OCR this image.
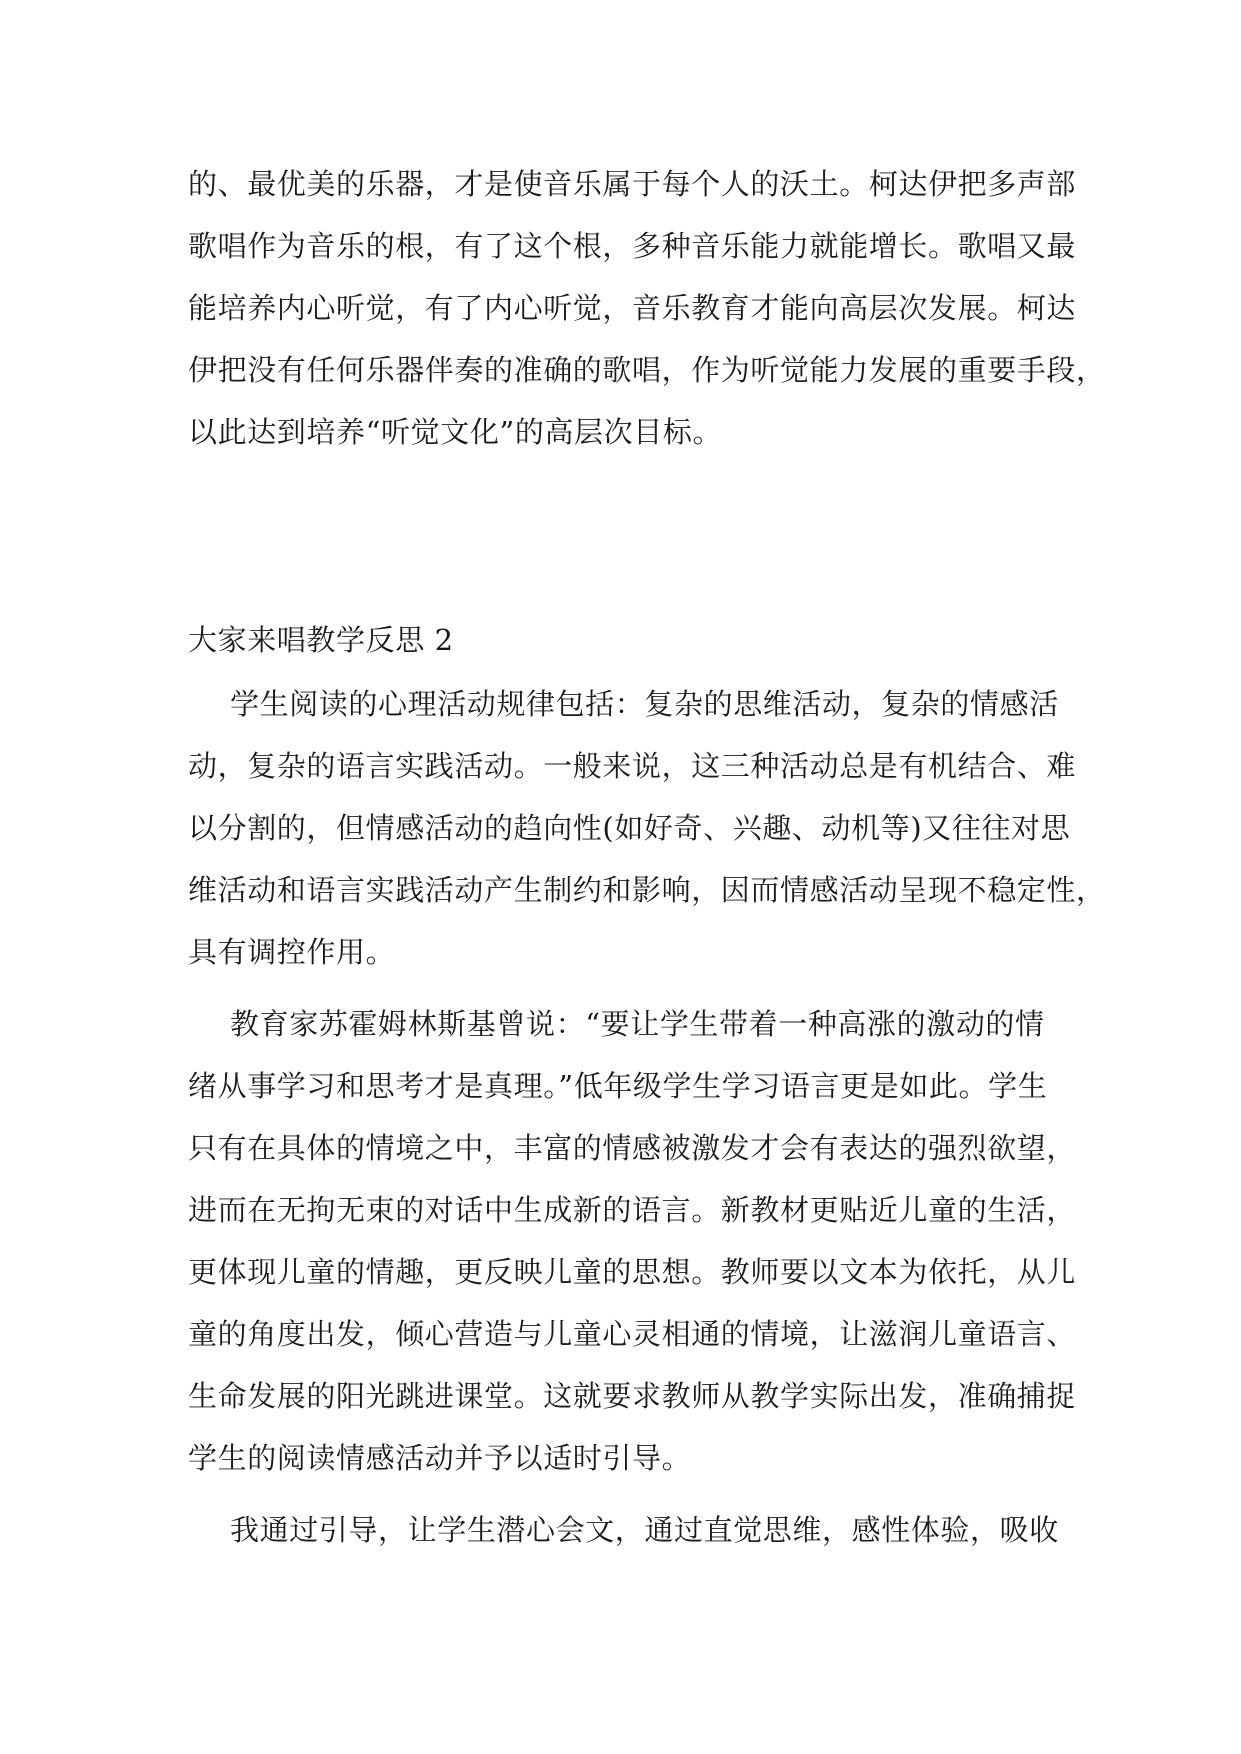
的、最优美的乐器，才是使音乐属于每个人的沃土。柯达伊把多声部
歌唱作为音乐的根，有了这个根，多种音乐能力就能增长。歌唱又最
能培养内心听觉，有了内心听觉，音乐教育才能向高层次发展。柯达
伊把没有任何乐器伴奏的准确的歌唱，作为听觉能力发展的重要手段，
以此达到培养“听觉文化”的高层次目标。
大家来唱教学反思 2
学生阅读的心理活动规律包括：复杂的思维活动，复杂的情感活
动，复杂的语言实践活动。一般来说，这三种活动总是有机结合、难
以分割的，但情感活动的趋向性(如好奇、兴趣、动机等)又往往对思
维活动和语言实践活动产生制约和影响，因而情感活动呈现不稳定性，
具有调控作用。
教育家苏霍姆林斯基曾说：“要让学生带着一种高涨的激动的情
绪从事学习和思考才是真理。”低年级学生学习语言更是如此。学生
只有在具体的情境之中，丰富的情感被激发才会有表达的强烈欲望，
进而在无拘无束的对话中生成新的语言。新教材更贴近儿童的生活，
更体现儿童的情趣，更反映儿童的思想。教师要以文本为依托，从儿
童的角度出发，倾心营造与儿童心灵相通的情境，让滋润儿童语言、
生命发展的阳光跳进课堂。这就要求教师从教学实际出发，准确捕捉
学生的阅读情感活动并予以适时引导。
我通过引导，让学生潜心会文，通过直觉思维，感性体验，吸收
